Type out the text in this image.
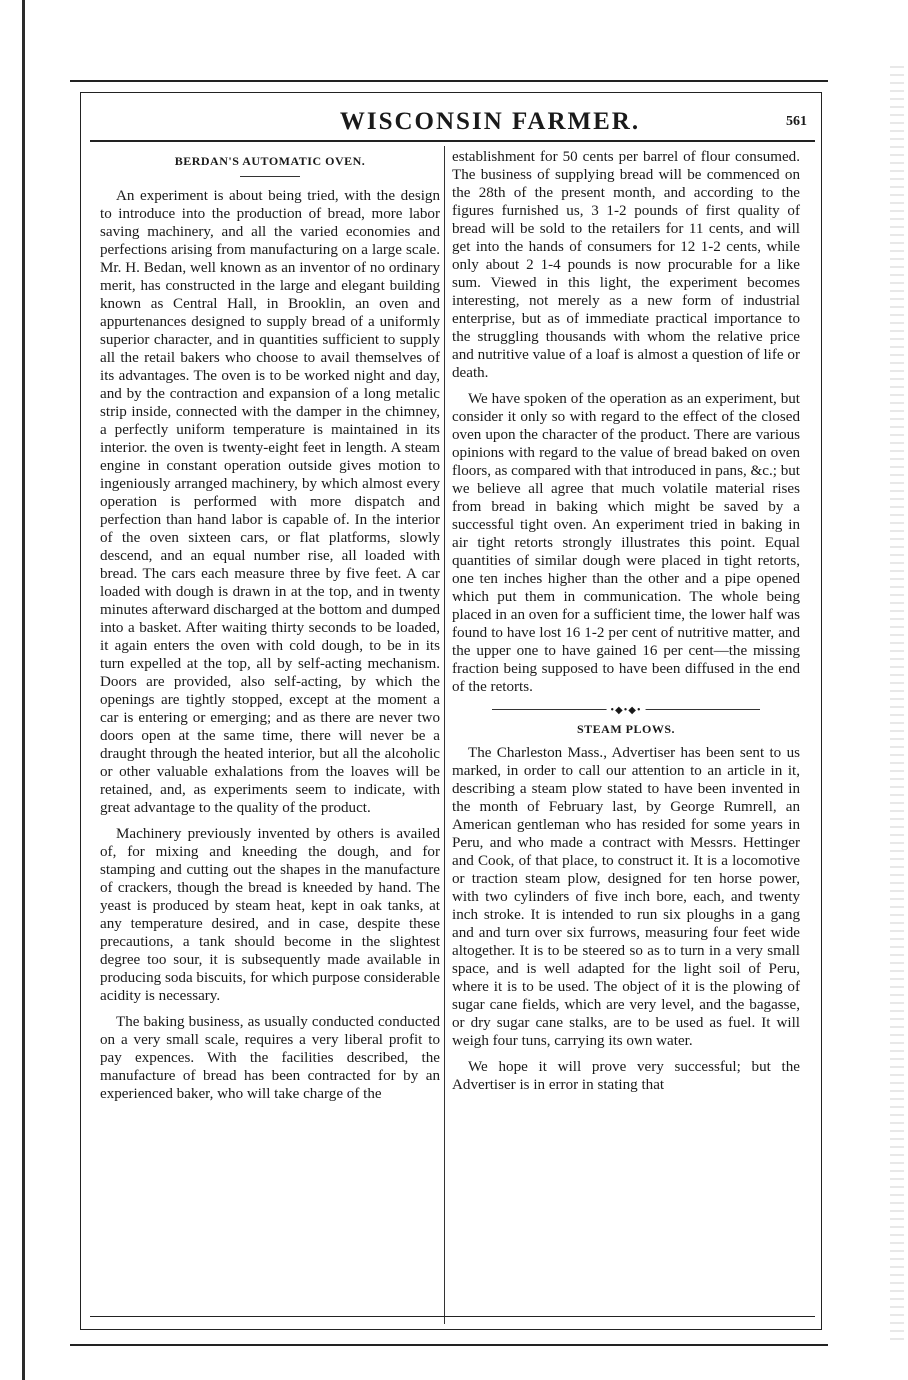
WISCONSIN FARMER.	561
BERDAN'S AUTOMATIC OVEN.

An experiment is about being tried, with the design to introduce into the production of bread, more labor saving machinery, and all the varied economies and perfections arising from manufacturing on a large scale. Mr. H. Bedan, well known as an inventor of no ordinary merit, has constructed in the large and elegant building known as Central Hall, in Brooklin, an oven and appurtenances designed to supply bread of a uniformly superior character, and in quantities sufficient to supply all the retail bakers who choose to avail themselves of its advantages. The oven is to be worked night and day, and by the contraction and expansion of a long metalic strip inside, connected with the damper in the chimney, a perfectly uniform temperature is maintained in its interior. the oven is twenty-eight feet in length. A steam engine in constant operation outside gives motion to ingeniously arranged machinery, by which almost every operation is performed with more dispatch and perfection than hand labor is capable of. In the interior of the oven sixteen cars, or flat platforms, slowly descend, and an equal number rise, all loaded with bread. The cars each measure three by five feet. A car loaded with dough is drawn in at the top, and in twenty minutes afterward discharged at the bottom and dumped into a basket. After waiting thirty seconds to be loaded, it again enters the oven with cold dough, to be in its turn expelled at the top, all by self-acting mechanism. Doors are provided, also self-acting, by which the openings are tightly stopped, except at the moment a car is entering or emerging; and as there are never two doors open at the same time, there will never be a draught through the heated interior, but all the alcoholic or other valuable exhalations from the loaves will be retained, and, as experiments seem to indicate, with great advantage to the quality of the product.

Machinery previously invented by others is availed of, for mixing and kneeding the dough, and for stamping and cutting out the shapes in the manufacture of crackers, though the bread is kneeded by hand. The yeast is produced by steam heat, kept in oak tanks, at any temperature desired, and in case, despite these precautions, a tank should become in the slightest degree too sour, it is subsequently made available in producing soda biscuits, for which purpose considerable acidity is necessary.

The baking business, as usually conducted conducted on a very small scale, requires a very liberal profit to pay expences. With the facilities described, the manufacture of bread has been contracted for by an experienced baker, who will take charge of the

establishment for 50 cents per barrel of flour consumed. The business of supplying bread will be commenced on the 28th of the present month, and according to the figures furnished us, 3 1-2 pounds of first quality of bread will be sold to the retailers for 11 cents, and will get into the hands of consumers for 12 1-2 cents, while only about 2 1-4 pounds is now procurable for a like sum. Viewed in this light, the experiment becomes interesting, not merely as a new form of industrial enterprise, but as of immediate practical importance to the struggling thousands with whom the relative price and nutritive value of a loaf is almost a question of life or death.

We have spoken of the operation as an experiment, but consider it only so with regard to the effect of the closed oven upon the character of the product. There are various opinions with regard to the value of bread baked on oven floors, as compared with that introduced in pans, &c.; but we believe all agree that much volatile material rises from bread in baking which might be saved by a successful tight oven. An experiment tried in baking in air tight retorts strongly illustrates this point. Equal quantities of similar dough were placed in tight retorts, one ten inches higher than the other and a pipe opened which put them in communication. The whole being placed in an oven for a sufficient time, the lower half was found to have lost 16 1-2 per cent of nutritive matter, and the upper one to have gained 16 per cent—the missing fraction being supposed to have been diffused in the end of the retorts.

•◆•◆•
STEAM PLOWS.

The Charleston Mass., Advertiser has been sent to us marked, in order to call our attention to an article in it, describing a steam plow stated to have been invented in the month of February last, by George Rumrell, an American gentleman who has resided for some years in Peru, and who made a contract with Messrs. Hettinger and Cook, of that place, to construct it. It is a locomotive or traction steam plow, designed for ten horse power, with two cylinders of five inch bore, each, and twenty inch stroke. It is intended to run six ploughs in a gang and and turn over six furrows, measuring four feet wide altogether. It is to be steered so as to turn in a very small space, and is well adapted for the light soil of Peru, where it is to be used. The object of it is the plowing of sugar cane fields, which are very level, and the bagasse, or dry sugar cane stalks, are to be used as fuel. It will weigh four tuns, carrying its own water.

We hope it will prove very successful; but the Advertiser is in error in stating that
